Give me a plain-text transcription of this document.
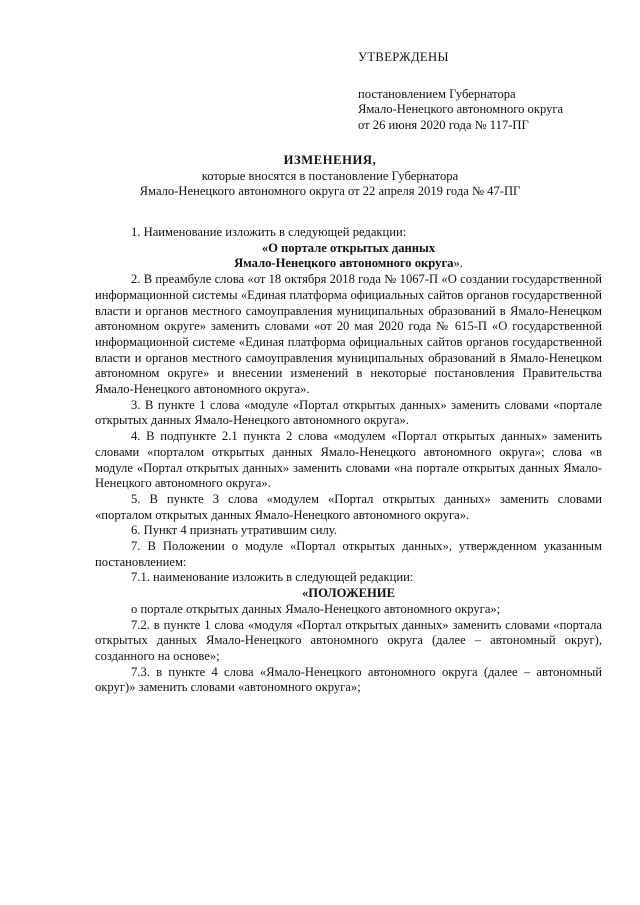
УТВЕРЖДЕНЫ
постановлением Губернатора
Ямало-Ненецкого автономного округа
от 26 июня 2020 года № 117-ПГ
ИЗМЕНЕНИЯ,
которые вносятся в постановление Губернатора
Ямало-Ненецкого автономного округа от 22 апреля 2019 года № 47-ПГ

1. Наименование изложить в следующей редакции:

«О портале открытых данных

Ямало-Ненецкого автономного округа».

2. В преамбуле слова «от 18 октября 2018 года № 1067-П «О создании государственной информационной системы «Единая платформа официальных сайтов органов государственной власти и органов местного самоуправления муниципальных образований в Ямало-Ненецком автономном округе» заменить словами «от 20 мая 2020 года № 615-П «О государственной информационной системе «Единая платформа официальных сайтов органов государственной власти и органов местного самоуправления муниципальных образований в Ямало-Ненецком автономном округе» и внесении изменений в некоторые постановления Правительства Ямало-Ненецкого автономного округа».

3. В пункте 1 слова «модуле «Портал открытых данных» заменить словами «портале открытых данных Ямало-Ненецкого автономного округа».

4. В подпункте 2.1 пункта 2 слова «модулем «Портал открытых данных» заменить словами «порталом открытых данных Ямало-Ненецкого автономного округа»; слова «в модуле «Портал открытых данных» заменить словами «на портале открытых данных Ямало-Ненецкого автономного округа».

5. В пункте 3 слова «модулем «Портал открытых данных» заменить словами «порталом открытых данных Ямало-Ненецкого автономного округа».

6. Пункт 4 признать утратившим силу.

7. В Положении о модуле «Портал открытых данных», утвержденном указанным постановлением:

7.1. наименование изложить в следующей редакции:

«ПОЛОЖЕНИЕ

о портале открытых данных Ямало-Ненецкого автономного округа»;

7.2. в пункте 1 слова «модуля «Портал открытых данных» заменить словами «портала открытых данных Ямало-Ненецкого автономного округа (далее – автономный округ), созданного на основе»;

7.3. в пункте 4 слова «Ямало-Ненецкого автономного округа (далее – автономный округ)» заменить словами «автономного округа»;
